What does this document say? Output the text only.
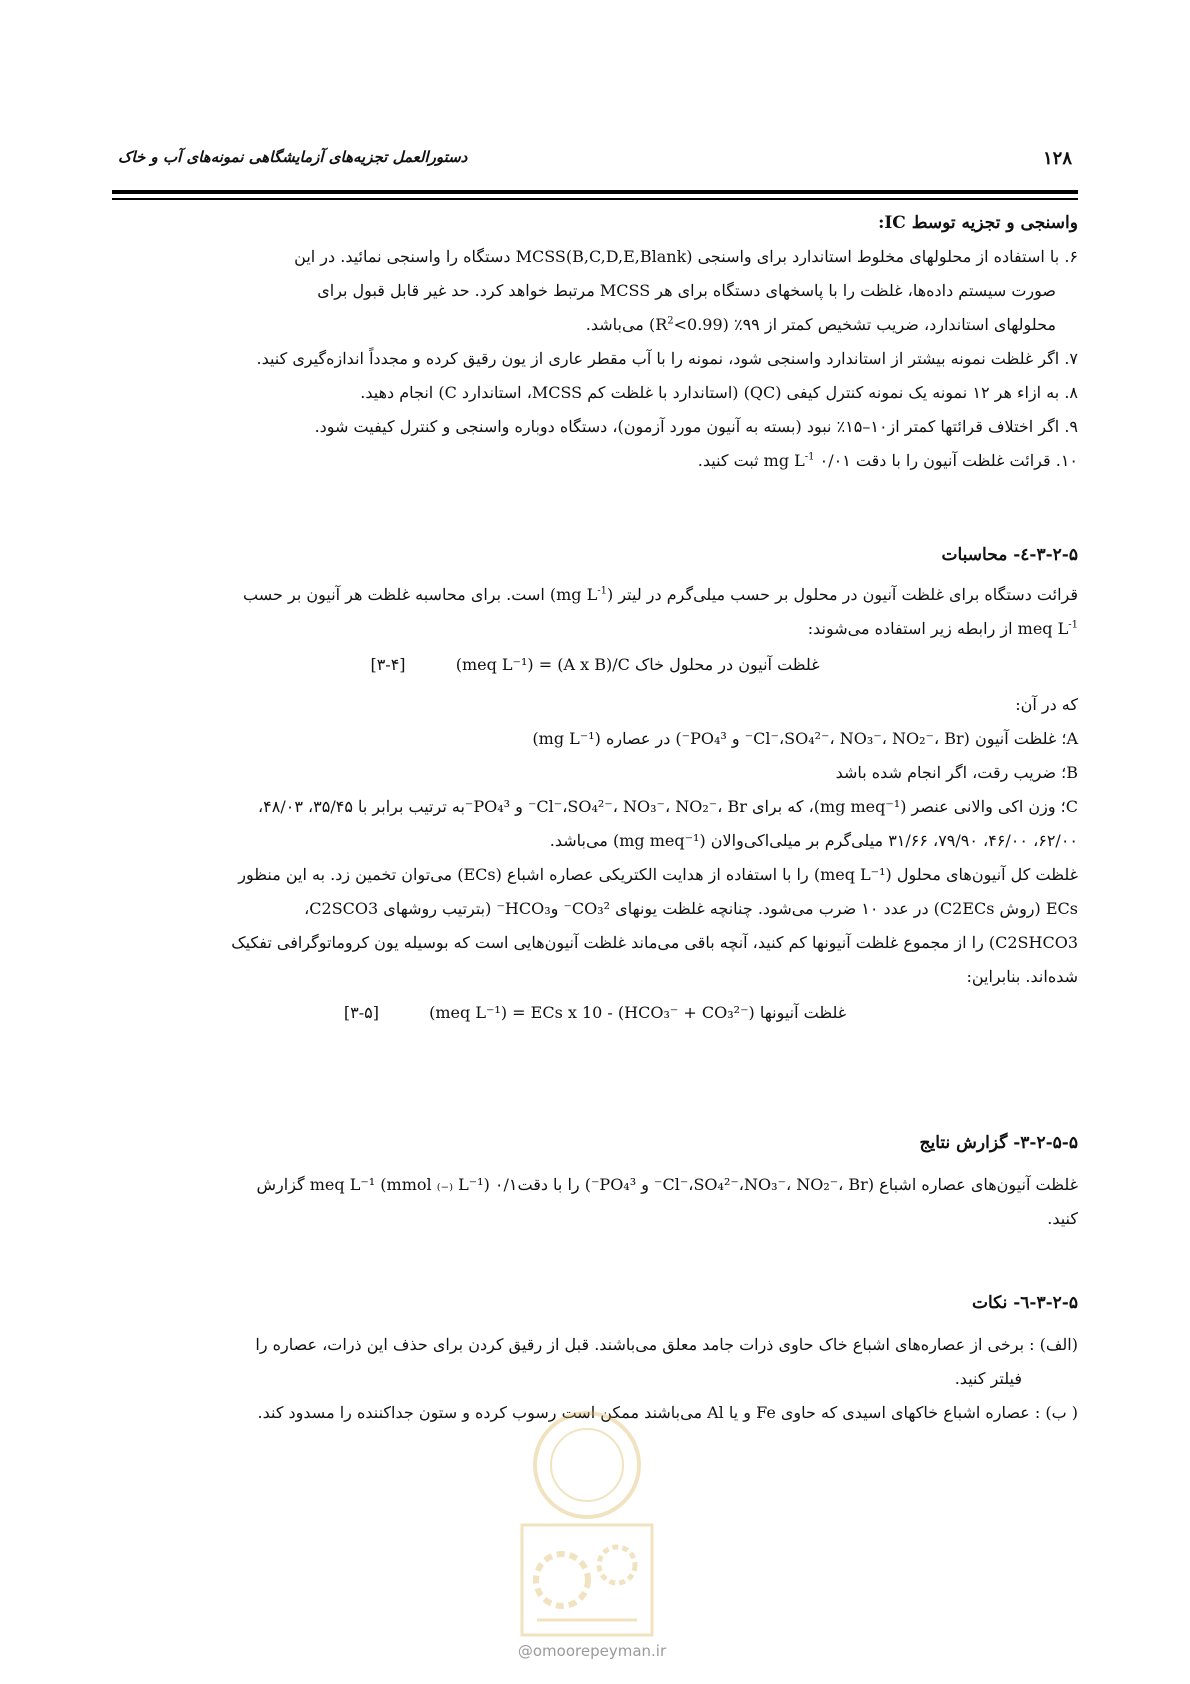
۱۲۸
دستورالعمل تجزیه‌های آزمایشگاهی نمونه‌های آب و خاک
واسنجی و تجزیه توسط IC:
۶. با استفاده از محلولهای مخلوط استاندارد برای واسنجی MCSS(B,C,D,E,Blank) دستگاه را واسنجی نمائید. در این
صورت سیستم داده‌ها، غلظت را با پاسخهای دستگاه برای هر MCSS مرتبط خواهد کرد. حد غیر قابل قبول برای
محلولهای استاندارد، ضریب تشخیص کمتر از ۹۹٪ $(R^2<0.99)$ می‌باشد.
۷. اگر غلظت نمونه بیشتر از استاندارد واسنجی شود، نمونه را با آب مقطر عاری از یون رقیق کرده و مجدداً اندازه‌گیری کنید.
۸. به ازاء هر ۱۲ نمونه یک نمونه کنترل کیفی (QC) (استاندارد با غلظت کم MCSS، استاندارد C) انجام دهید.
۹. اگر اختلاف قرائتها کمتر از۱۰–۱۵٪ نبود (بسته به آنیون مورد آزمون)، دستگاه دوباره واسنجی و کنترل کیفیت شود.
۱۰. قرائت غلظت آنیون را با دقت ۰/۰۱ mg $L^{-1}$ ثبت کنید.
۳-۲-۵-٤- محاسبات
قرائت دستگاه برای غلظت آنیون در محلول بر حسب میلی‌گرم در لیتر (mg $L^{-1}$) است. برای محاسبه غلظت هر آنیون بر حسب
meq $L^{-1}$ از رابطه زیر استفاده می‌شوند:
غلظت آنیون در محلول خاک (meq L⁻¹) = (A x B)/C  [۴-۳]
که در آن:
A؛ غلظت آنیون (Cl⁻،SO₄²⁻، NO₃⁻، NO₂⁻، Br⁻ و PO₄³⁻) در عصاره (mg L⁻¹)
B؛ ضریب رقت، اگر انجام شده باشد
C؛ وزن اکی والانی عنصر (mg meq⁻¹)، که برای Cl⁻،SO₄²⁻، NO₃⁻، NO₂⁻، Br⁻ و PO₄³⁻به ترتیب برابر با ۳۵/۴۵، ۴۸/۰۳،
۶۲/۰۰، ۴۶/۰۰، ۷۹/۹۰، ۳۱/۶۶ میلی‌گرم بر میلی‌اکی‌والان (mg meq⁻¹) می‌باشد.
غلظت کل آنیون‌های محلول (meq L⁻¹) را با استفاده از هدایت الکتریکی عصاره اشباع (ECs) می‌توان تخمین زد. به این منظور
ECs (روش C2ECs) در عدد ۱۰ ضرب می‌شود. چنانچه غلظت یونهای CO₃²⁻ وHCO₃⁻ (بترتیب روشهای C2SCO3،
C2SHCO3) را از مجموع غلظت آنیونها کم کنید، آنچه باقی می‌ماند غلظت آنیون‌هایی است که بوسیله یون کروماتوگرافی تفکیک
شده‌اند. بنابراین:
غلظت آنیونها (meq L⁻¹) = ECs x 10 - (HCO₃⁻ + CO₃²⁻)  [۵-۳]
۳-۲-۵-۵- گزارش نتایج
غلظت آنیون‌های عصاره اشباع (Cl⁻،SO₄²⁻،NO₃⁻، NO₂⁻، Br⁻ و PO₄³⁻) را با دقت۰/۱ meq L⁻¹ (mmol ₍₋₎ L⁻¹) گزارش
کنید.
۳-۲-۵-٦- نکات
(الف) : برخی از عصاره‌های اشباع خاک حاوی ذرات جامد معلق می‌باشند. قبل از رقیق کردن برای حذف این ذرات، عصاره را
فیلتر کنید.
( ب) : عصاره اشباع خاکهای اسیدی که حاوی Fe و یا Al می‌باشند ممکن است رسوب کرده و ستون جداکننده را مسدود کند.
@omoorepeyman.ir
